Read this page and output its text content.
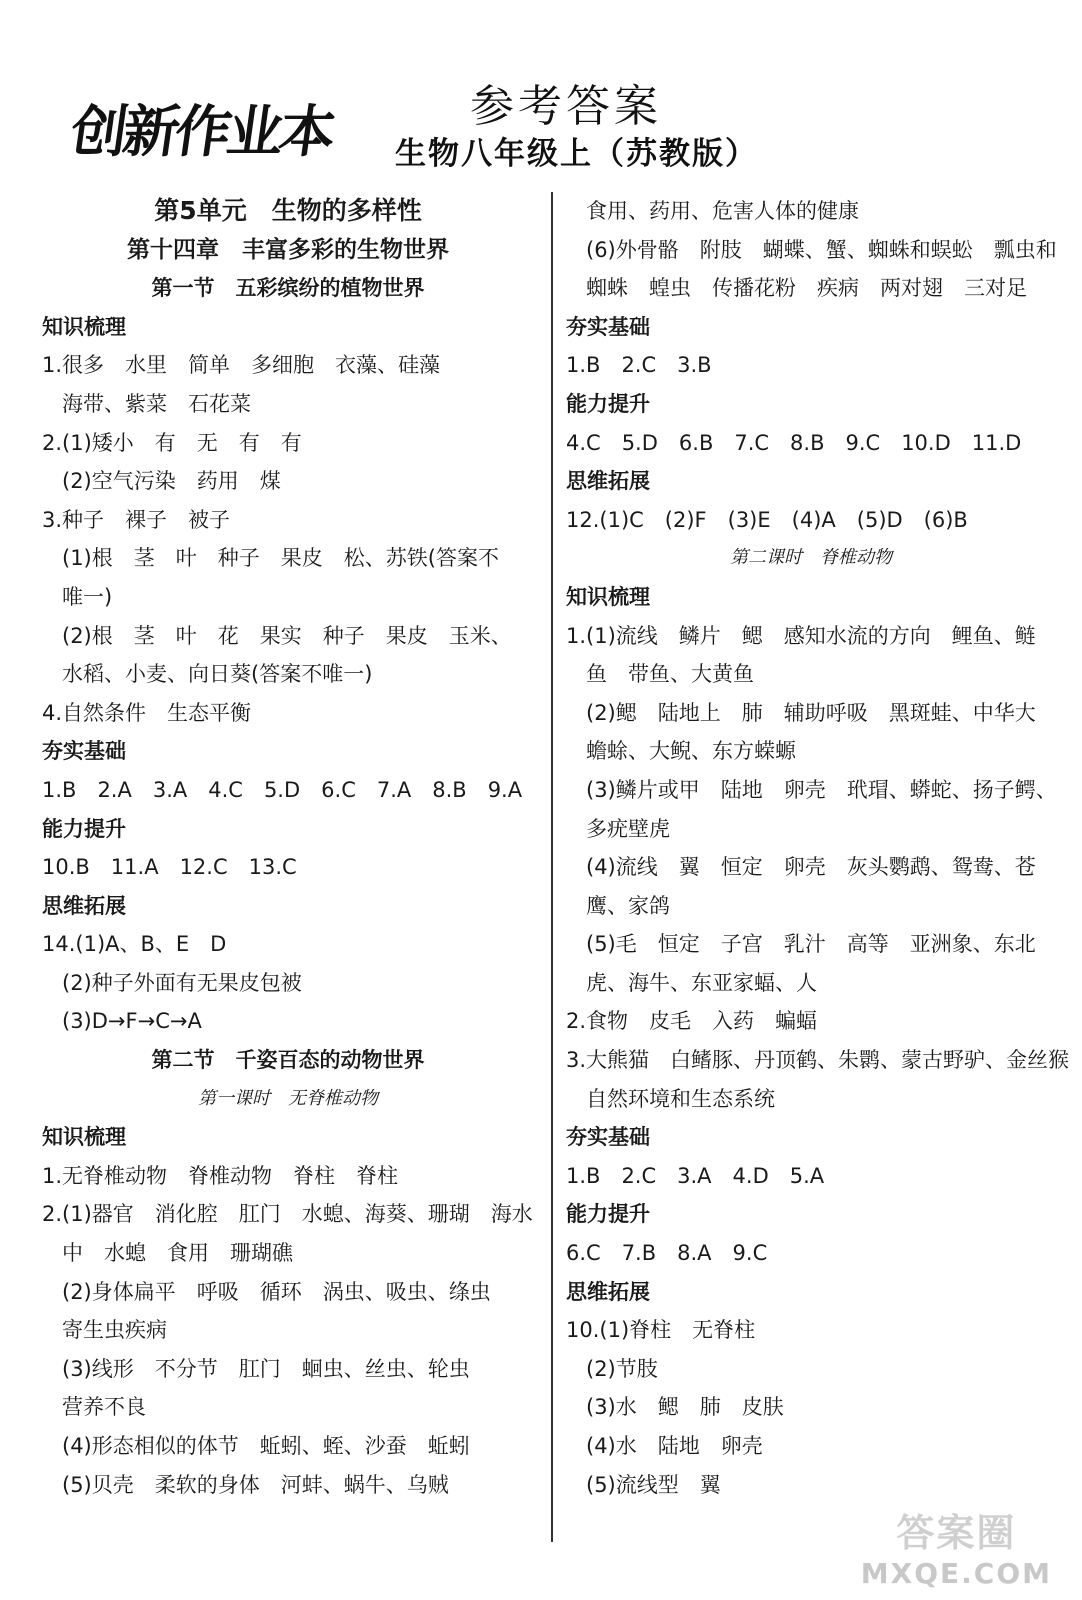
创新作业本	参考答案
生物八年级上（苏教版）
第5单元　生物的多样性
第十四章　丰富多彩的生物世界
第一节　五彩缤纷的植物世界
知识梳理
1.很多　水里　简单　多细胞　衣藻、硅藻
海带、紫菜　石花菜
2.(1)矮小　有　无　有　有
(2)空气污染　药用　煤
3.种子　裸子　被子
(1)根　茎　叶　种子　果皮　松、苏铁(答案不
唯一)
(2)根　茎　叶　花　果实　种子　果皮　玉米、
水稻、小麦、向日葵(答案不唯一)
4.自然条件　生态平衡
夯实基础
1.B　2.A　3.A　4.C　5.D　6.C　7.A　8.B　9.A
能力提升
10.B　11.A　12.C　13.C
思维拓展
14.(1)A、B、E　D
(2)种子外面有无果皮包被
(3)D→F→C→A
第二节　千姿百态的动物世界
第一课时　无脊椎动物
知识梳理
1.无脊椎动物　脊椎动物　脊柱　脊柱
2.(1)器官　消化腔　肛门　水螅、海葵、珊瑚　海水
中　水螅　食用　珊瑚礁
(2)身体扁平　呼吸　循环　涡虫、吸虫、绦虫
寄生虫疾病
(3)线形　不分节　肛门　蛔虫、丝虫、轮虫
营养不良
(4)形态相似的体节　蚯蚓、蛭、沙蚕　蚯蚓
(5)贝壳　柔软的身体　河蚌、蜗牛、乌贼
食用、药用、危害人体的健康
(6)外骨骼　附肢　蝴蝶、蟹、蜘蛛和蜈蚣　瓢虫和
蜘蛛　蝗虫　传播花粉　疾病　两对翅　三对足
夯实基础
1.B　2.C　3.B
能力提升
4.C　5.D　6.B　7.C　8.B　9.C　10.D　11.D
思维拓展
12.(1)C　(2)F　(3)E　(4)A　(5)D　(6)B
第二课时　脊椎动物
知识梳理
1.(1)流线　鳞片　鳃　感知水流的方向　鲤鱼、鲢
鱼　带鱼、大黄鱼
(2)鳃　陆地上　肺　辅助呼吸　黑斑蛙、中华大
蟾蜍、大鲵、东方蝾螈
(3)鳞片或甲　陆地　卵壳　玳瑁、蟒蛇、扬子鳄、
多疣壁虎
(4)流线　翼　恒定　卵壳　灰头鹦鹉、鸳鸯、苍
鹰、家鸽
(5)毛　恒定　子宫　乳汁　高等　亚洲象、东北
虎、海牛、东亚家蝠、人
2.食物　皮毛　入药　蝙蝠
3.大熊猫　白鳍豚、丹顶鹤、朱鹮、蒙古野驴、金丝猴
自然环境和生态系统
夯实基础
1.B　2.C　3.A　4.D　5.A
能力提升
6.C　7.B　8.A　9.C
思维拓展
10.(1)脊柱　无脊柱
(2)节肢
(3)水　鳃　肺　皮肤
(4)水　陆地　卵壳
(5)流线型　翼
答案圈
MXQE.COM
